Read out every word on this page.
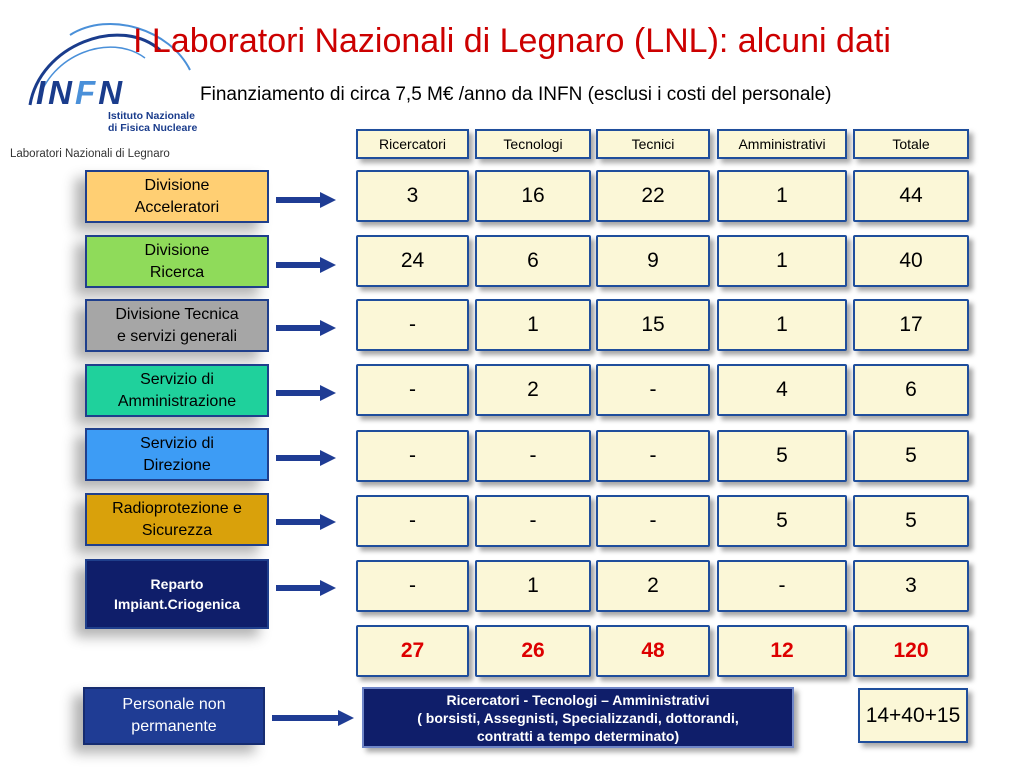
INFN
Istituto Nazionale
di Fisica Nucleare
Laboratori Nazionali di Legnaro
I Laboratori Nazionali di Legnaro (LNL): alcuni dati
Finanziamento di circa 7,5 M€ /anno da INFN (esclusi i costi del personale)
Ricercatori	Tecnologi	Tecnici	Amministrativi	Totale
Divisione
Acceleratori	3	16	22	1	44
Divisione
Ricerca	24	6	9	1	40
Divisione Tecnica
e servizi generali	-	1	15	1	17
Servizio di
Amministrazione	-	2	-	4	6
Servizio di
Direzione	-	-	-	5	5
Radioprotezione e
Sicurezza	-	-	-	5	5
Reparto
Impiant.Criogenica
-	1	2	-	3
27	26	48	12	120
Personale non
permanente
Ricercatori - Tecnologi – Amministrativi
( borsisti, Assegnisti, Specializzandi, dottorandi,
contratti a tempo determinato)
14+40+15
